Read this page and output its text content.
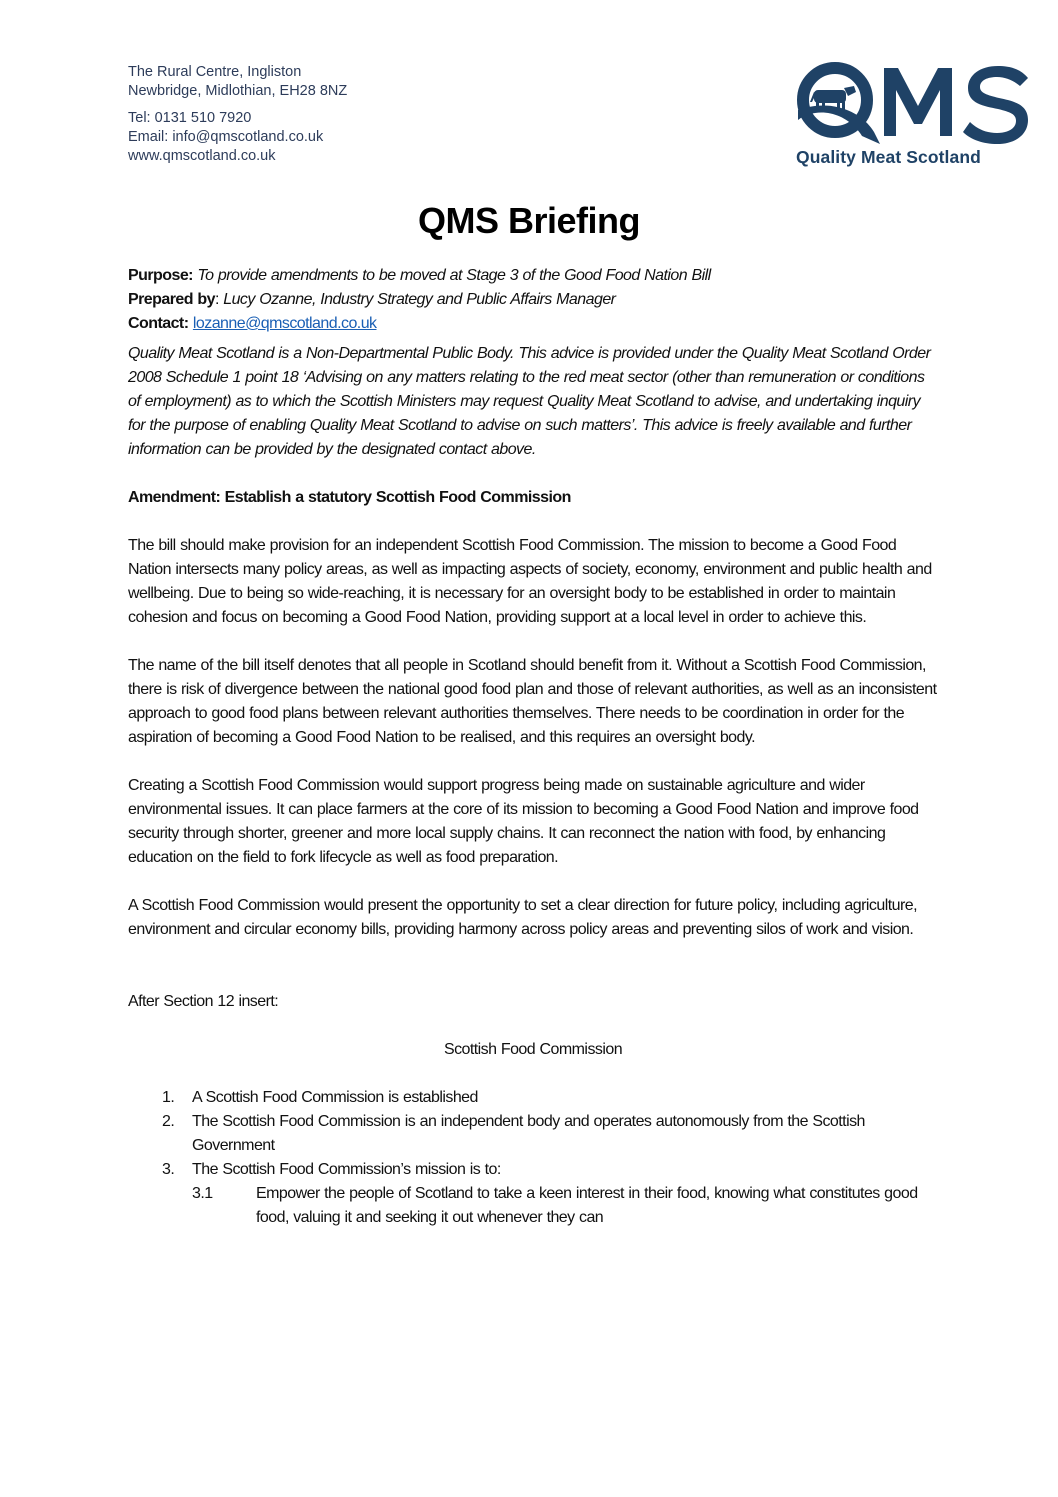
The Rural Centre, Ingliston
Newbridge, Midlothian, EH28 8NZ
Tel: 0131 510 7920
Email: info@qmscotland.co.uk
www.qmscotland.co.uk	Quality Meat Scotland
QMS Briefing

Purpose: To provide amendments to be moved at Stage 3 of the Good Food Nation Bill

Prepared by: Lucy Ozanne, Industry Strategy and Public Affairs Manager

Contact: lozanne@qmscotland.co.uk

Quality Meat Scotland is a Non-Departmental Public Body. This advice is provided under the Quality Meat Scotland Order 2008 Schedule 1 point 18 ‘Advising on any matters relating to the red meat sector (other than remuneration or conditions of employment) as to which the Scottish Ministers may request Quality Meat Scotland to advise, and undertaking inquiry for the purpose of enabling Quality Meat Scotland to advise on such matters’. This advice is freely available and further information can be provided by the designated contact above.

Amendment: Establish a statutory Scottish Food Commission

The bill should make provision for an independent Scottish Food Commission. The mission to become a Good Food Nation intersects many policy areas, as well as impacting aspects of society, economy, environment and public health and wellbeing. Due to being so wide-reaching, it is necessary for an oversight body to be established in order to maintain cohesion and focus on becoming a Good Food Nation, providing support at a local level in order to achieve this.

The name of the bill itself denotes that all people in Scotland should benefit from it. Without a Scottish Food Commission, there is risk of divergence between the national good food plan and those of relevant authorities, as well as an inconsistent approach to good food plans between relevant authorities themselves. There needs to be coordination in order for the aspiration of becoming a Good Food Nation to be realised, and this requires an oversight body.

Creating a Scottish Food Commission would support progress being made on sustainable agriculture and wider environmental issues. It can place farmers at the core of its mission to becoming a Good Food Nation and improve food security through shorter, greener and more local supply chains. It can reconnect the nation with food, by enhancing education on the field to fork lifecycle as well as food preparation.

A Scottish Food Commission would present the opportunity to set a clear direction for future policy, including agriculture, environment and circular economy bills, providing harmony across policy areas and preventing silos of work and vision.

After Section 12 insert:

Scottish Food Commission

1. A Scottish Food Commission is established
2. The Scottish Food Commission is an independent body and operates autonomously from the Scottish Government
3. The Scottish Food Commission’s mission is to:
3.1	Empower the people of Scotland to take a keen interest in their food, knowing what constitutes good food, valuing it and seeking it out whenever they can
